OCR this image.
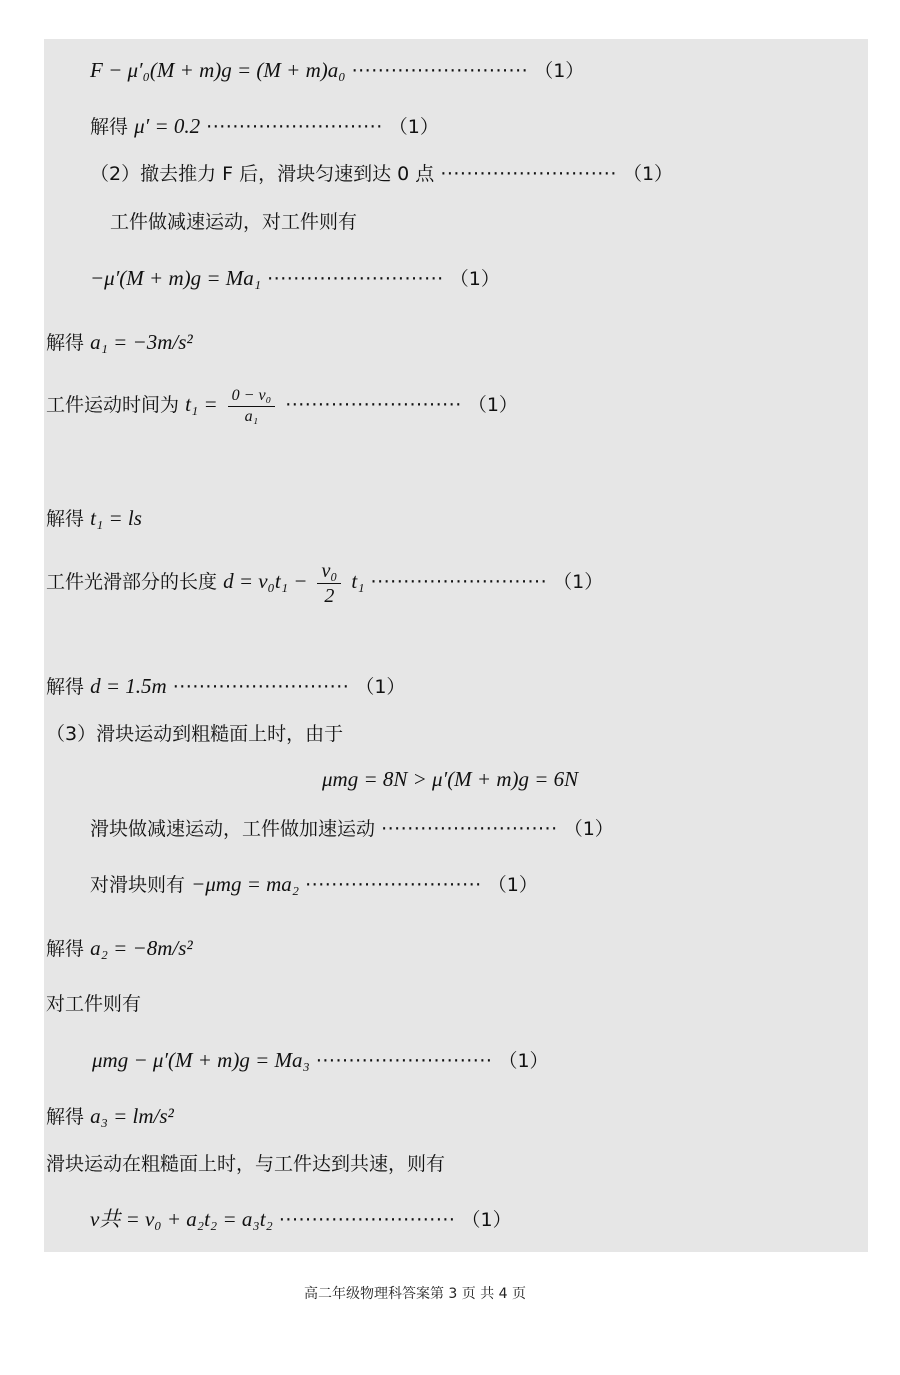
F − μ′₀(M + m)g = (M + m)a₀ ··························· （1）
解得 μ′ = 0.2 ··························· （1）
（2）撤去推力 F 后，滑块匀速到达 0 点 ··························· （1）
工件做减速运动，对工件则有
−μ′(M + m)g = Ma₁ ··························· （1）
解得 a₁ = −3m/s²
工件运动时间为 $t_1 = \frac{\text{0 − v₀}}{\text{a₁}}$ ··························· （1）
解得 t₁ = ls
工件光滑部分的长度 $d = v_0t_1 - \frac{\text{v₀}}{2} t_1$ ··························· （1）
解得 d = 1.5m ··························· （1）
（3）滑块运动到粗糙面上时，由于
μmg = 8N > μ′(M + m)g = 6N
滑块做减速运动，工件做加速运动 ··························· （1）
对滑块则有 −μmg = ma₂ ··························· （1）
解得 a₂ = −8m/s²
对工件则有
μmg − μ′(M + m)g = Ma₃ ··························· （1）
解得 a₃ = lm/s²
滑块运动在粗糙面上时，与工件达到共速，则有
v共 = v₀ + a₂t₂ = a₃t₂ ··························· （1）
高二年级物理科答案第 3 页 共 4 页
